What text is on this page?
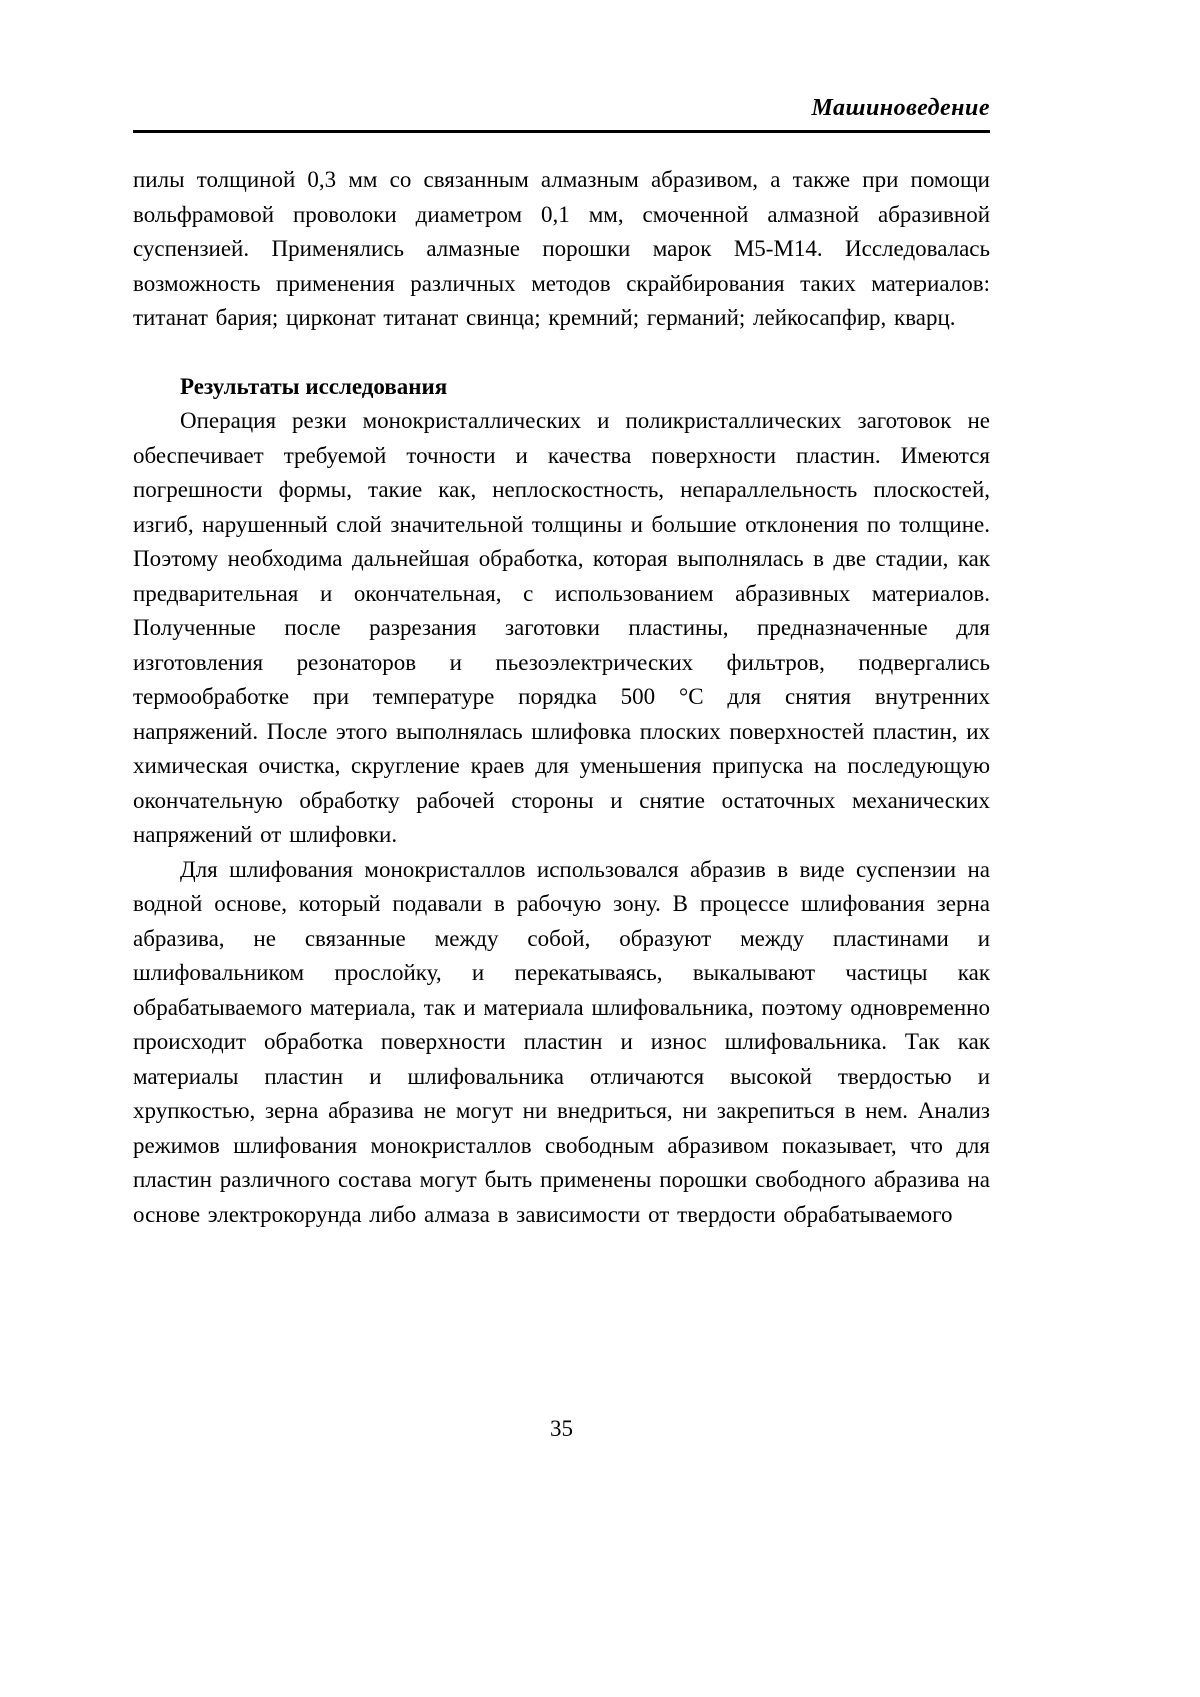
Машиноведение

пилы толщиной 0,3 мм со связанным алмазным абразивом, а также при помощи вольфрамовой проволоки диаметром 0,1 мм, смоченной алмазной абразивной суспензией. Применялись алмазные порошки марок М5-М14. Исследовалась возможность применения различных методов скрайбирования таких материалов: титанат бария; цирконат титанат свинца; кремний; германий; лейкосапфир, кварц.

Результаты исследования

Операция резки монокристаллических и поликристаллических заготовок не обеспечивает требуемой точности и качества поверхности пластин. Имеются погрешности формы, такие как, неплоскостность, непараллельность плоскостей, изгиб, нарушенный слой значительной толщины и большие отклонения по толщине. Поэтому необходима дальнейшая обработка, которая выполнялась в две стадии, как предварительная и окончательная, с использованием абразивных материалов. Полученные после разрезания заготовки пластины, предназначенные для изготовления резонаторов и пьезоэлектрических фильтров, подвергались термообработке при температуре порядка 500 °С для снятия внутренних напряжений. После этого выполнялась шлифовка плоских поверхностей пластин, их химическая очистка, скругление краев для уменьшения припуска на последующую окончательную обработку рабочей стороны и снятие остаточных механических напряжений от шлифовки.

Для шлифования монокристаллов использовался абразив в виде суспензии на водной основе, который подавали в рабочую зону. В процессе шлифования зерна абразива, не связанные между собой, образуют между пластинами и шлифовальником прослойку, и перекатываясь, выкалывают частицы как обрабатываемого материала, так и материала шлифовальника, поэтому одновременно происходит обработка поверхности пластин и износ шлифовальника. Так как материалы пластин и шлифовальника отличаются высокой твердостью и хрупкостью, зерна абразива не могут ни внедриться, ни закрепиться в нем. Анализ режимов шлифования монокристаллов свободным абразивом показывает, что для пластин различного состава могут быть применены порошки свободного абразива на основе электрокорунда либо алмаза в зависимости от твердости обрабатываемого

35
